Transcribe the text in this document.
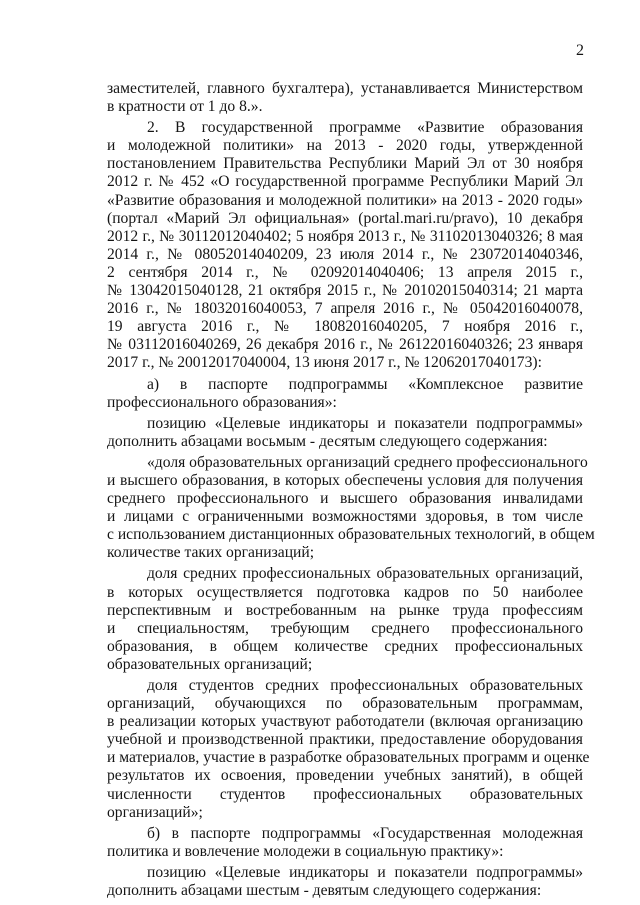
2
заместителей, главного бухгалтера), устанавливается Министерством
в кратности от 1 до 8.».
2. В государственной программе «Развитие образования
и молодежной политики» на 2013 - 2020 годы, утвержденной
постановлением Правительства Республики Марий Эл от 30 ноября
2012 г. № 452 «О государственной программе Республики Марий Эл
«Развитие образования и молодежной политики» на 2013 - 2020 годы»
(портал «Марий Эл официальная» (portal.mari.ru/pravo), 10 декабря
2012 г., № 30112012040402; 5 ноября 2013 г., № 31102013040326; 8 мая
2014 г., № 08052014040209, 23 июля 2014 г., № 23072014040346,
2 сентября 2014 г., № 02092014040406; 13 апреля 2015 г.,
№ 13042015040128, 21 октября 2015 г., № 20102015040314; 21 марта
2016 г., № 18032016040053, 7 апреля 2016 г., № 05042016040078,
19 августа 2016 г., № 18082016040205, 7 ноября 2016 г.,
№ 03112016040269, 26 декабря 2016 г., № 26122016040326; 23 января
2017 г., № 20012017040004, 13 июня 2017 г., № 12062017040173):
а) в паспорте подпрограммы «Комплексное развитие
профессионального образования»:
позицию «Целевые индикаторы и показатели подпрограммы»
дополнить абзацами восьмым - десятым следующего содержания:
«доля образовательных организаций среднего профессионального
и высшего образования, в которых обеспечены условия для получения
среднего профессионального и высшего образования инвалидами
и лицами с ограниченными возможностями здоровья, в том числе
с использованием дистанционных образовательных технологий, в общем
количестве таких организаций;
доля средних профессиональных образовательных организаций,
в которых осуществляется подготовка кадров по 50 наиболее
перспективным и востребованным на рынке труда профессиям
и специальностям, требующим среднего профессионального
образования, в общем количестве средних профессиональных
образовательных организаций;
доля студентов средних профессиональных образовательных
организаций, обучающихся по образовательным программам,
в реализации которых участвуют работодатели (включая организацию
учебной и производственной практики, предоставление оборудования
и материалов, участие в разработке образовательных программ и оценке
результатов их освоения, проведении учебных занятий), в общей
численности студентов профессиональных образовательных
организаций»;
б) в паспорте подпрограммы «Государственная молодежная
политика и вовлечение молодежи в социальную практику»:
позицию «Целевые индикаторы и показатели подпрограммы»
дополнить абзацами шестым - девятым следующего содержания:
